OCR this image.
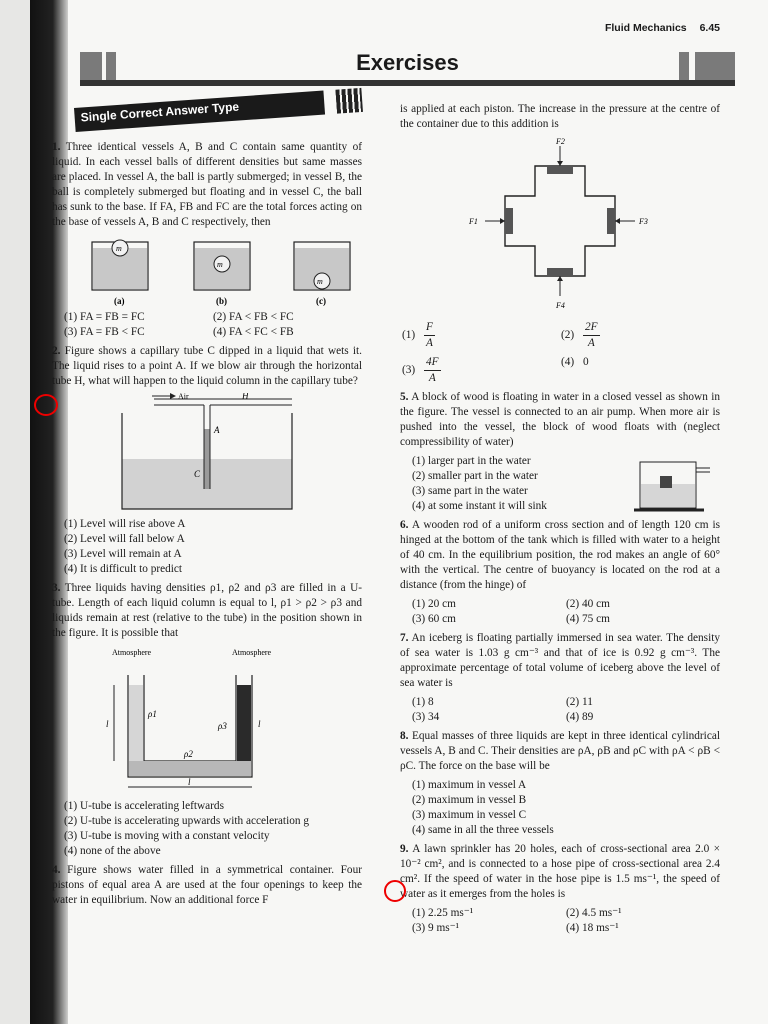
Fluid Mechanics 6.45
Exercises
Single Correct Answer Type
1. Three identical vessels A, B and C contain same quantity of liquid. In each vessel balls of different densities but same masses are placed. In vessel A, the ball is partly submerged; in vessel B, the ball is completely submerged but floating and in vessel C, the ball has sunk to the base. If FA, FB and FC are the total forces acting on the base of vessels A, B and C respectively, then
m
m
m
(a)	(b)	(c)
(1) FA = FB = FC	(2) FA < FB < FC
(3) FA = FB < FC	(4) FA < FC < FB
2. Figure shows a capillary tube C dipped in a liquid that wets it. The liquid rises to a point A. If we blow air through the horizontal tube H, what will happen to the liquid column in the capillary tube?
Air	H
A
C
(1) Level will rise above A
(2) Level will fall below A
(3) Level will remain at A
(4) It is difficult to predict
3. Three liquids having densities ρ1, ρ2 and ρ3 are filled in a U-tube. Length of each liquid column is equal to l, ρ1 > ρ2 > ρ3 and liquids remain at rest (relative to the tube) in the position shown in the figure. It is possible that
Atmosphere	Atmosphere
ρ1
ρ3
ρ2
l	l
l
(1) U-tube is accelerating leftwards
(2) U-tube is accelerating upwards with acceleration g
(3) U-tube is moving with a constant velocity
(4) none of the above
4. Figure shows water filled in a symmetrical container. Four pistons of equal area A are used at the four openings to keep the water in equilibrium. Now an additional force F
is applied at each piston. The increase in the pressure at the centre of the container due to this addition is
F2
F4
F1	F3
$(1) \frac{F}{A}$	$(2) \frac{2F}{A}$
$(3) \frac{4F}{A}$	(4) 0
5. A block of wood is floating in water in a closed vessel as shown in the figure. The vessel is connected to an air pump. When more air is pushed into the vessel, the block of wood floats with (neglect compressibility of water)
(1) larger part in the water
(2) smaller part in the water
(3) same part in the water
(4) at some instant it will sink
6. A wooden rod of a uniform cross section and of length 120 cm is hinged at the bottom of the tank which is filled with water to a height of 40 cm. In the equilibrium position, the rod makes an angle of 60° with the vertical. The centre of buoyancy is located on the rod at a distance (from the hinge) of
(1) 20 cm	(2) 40 cm
(3) 60 cm	(4) 75 cm
7. An iceberg is floating partially immersed in sea water. The density of sea water is 1.03 g cm⁻³ and that of ice is 0.92 g cm⁻³. The approximate percentage of total volume of iceberg above the level of sea water is
(1) 8	(2) 11
(3) 34	(4) 89
8. Equal masses of three liquids are kept in three identical cylindrical vessels A, B and C. Their densities are ρA, ρB and ρC with ρA < ρB < ρC. The force on the base will be
(1) maximum in vessel A
(2) maximum in vessel B
(3) maximum in vessel C
(4) same in all the three vessels
9. A lawn sprinkler has 20 holes, each of cross-sectional area 2.0 × 10⁻² cm², and is connected to a hose pipe of cross-sectional area 2.4 cm². If the speed of water in the hose pipe is 1.5 ms⁻¹, the speed of water as it emerges from the holes is
(1) 2.25 ms⁻¹	(2) 4.5 ms⁻¹
(3) 9 ms⁻¹	(4) 18 ms⁻¹
